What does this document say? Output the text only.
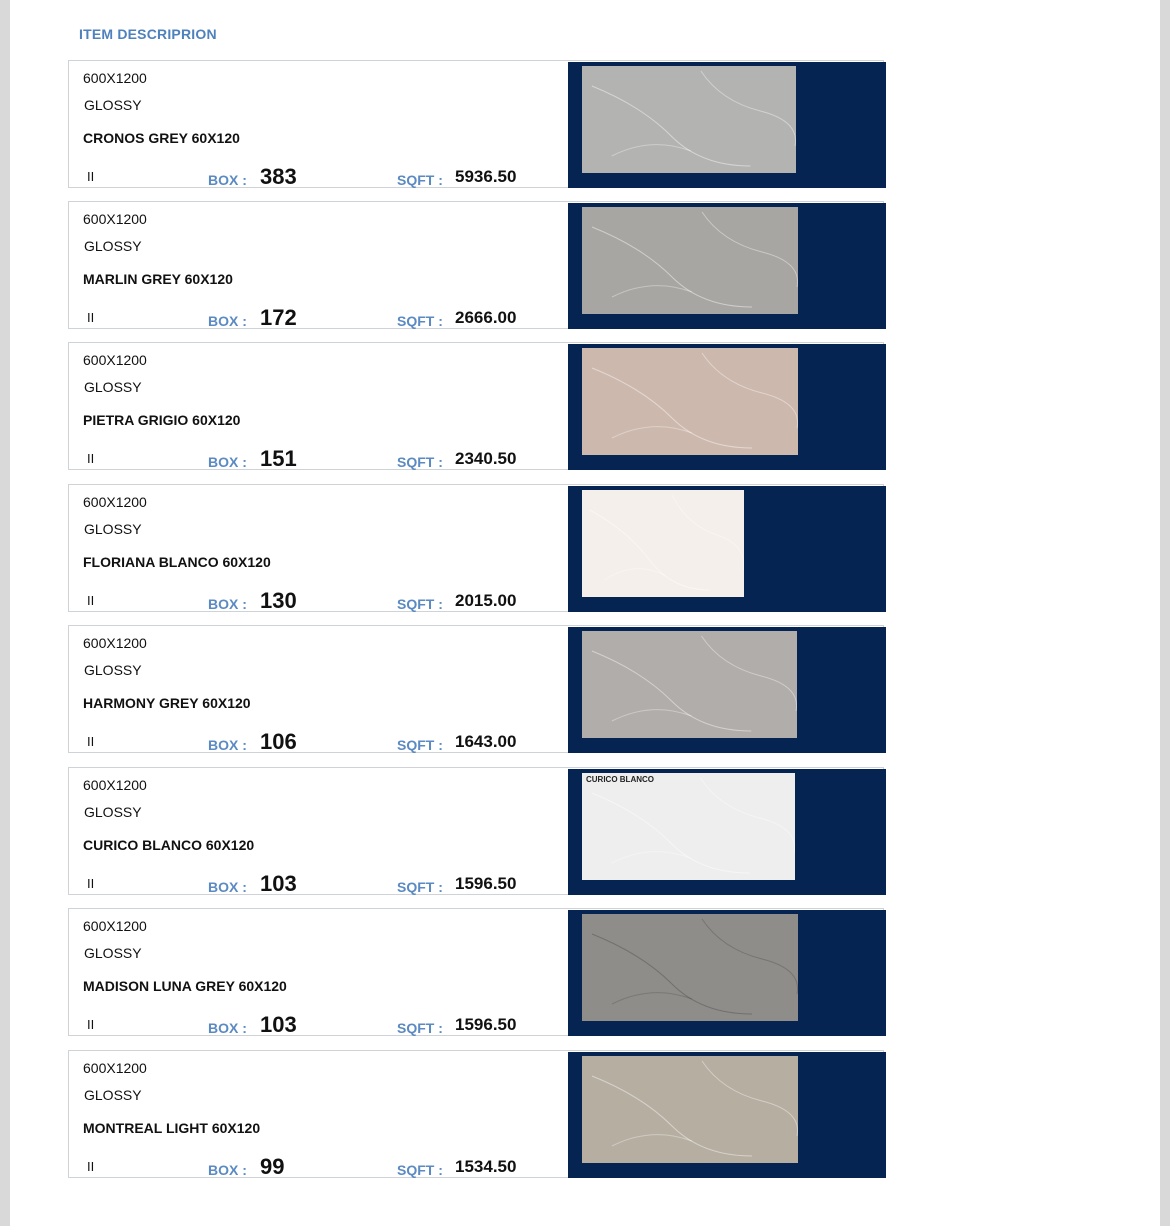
ITEM DESCRIPRION
600X1200
GLOSSY
CRONOS GREY 60X120
II	BOX : 383	SQFT : 5936.50
600X1200
GLOSSY
MARLIN GREY 60X120
II	BOX : 172	SQFT : 2666.00
600X1200
GLOSSY
PIETRA GRIGIO 60X120
II	BOX : 151	SQFT : 2340.50
600X1200
GLOSSY
FLORIANA BLANCO 60X120
II	BOX : 130	SQFT : 2015.00
600X1200
GLOSSY
HARMONY GREY 60X120
II	BOX : 106	SQFT : 1643.00
600X1200
GLOSSY
CURICO BLANCO 60X120
II	BOX : 103	SQFT : 1596.50
CURICO BLANCO
600X1200
GLOSSY
MADISON LUNA GREY 60X120
II	BOX : 103	SQFT : 1596.50
600X1200
GLOSSY
MONTREAL LIGHT 60X120
II	BOX : 99	SQFT : 1534.50
